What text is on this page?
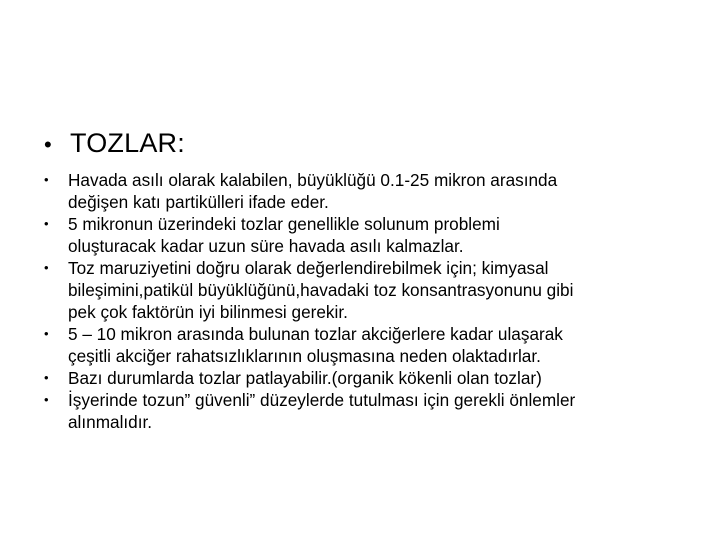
• TOZLAR:
•	Havada asılı olarak kalabilen, büyüklüğü 0.1-25 mikron arasında
değişen katı partikülleri ifade eder.
•	5 mikronun üzerindeki tozlar genellikle solunum problemi
oluşturacak kadar uzun süre havada asılı kalmazlar.
•	Toz maruziyetini doğru olarak değerlendirebilmek için; kimyasal
bileşimini,patikül büyüklüğünü,havadaki toz konsantrasyonunu gibi
pek çok faktörün iyi bilinmesi gerekir.
•	5 – 10 mikron arasında bulunan tozlar akciğerlere kadar ulaşarak
çeşitli akciğer rahatsızlıklarının oluşmasına neden olaktadırlar.
•	Bazı durumlarda tozlar patlayabilir.(organik kökenli olan tozlar)
•	İşyerinde tozun” güvenli” düzeylerde tutulması için gerekli önlemler
alınmalıdır.
